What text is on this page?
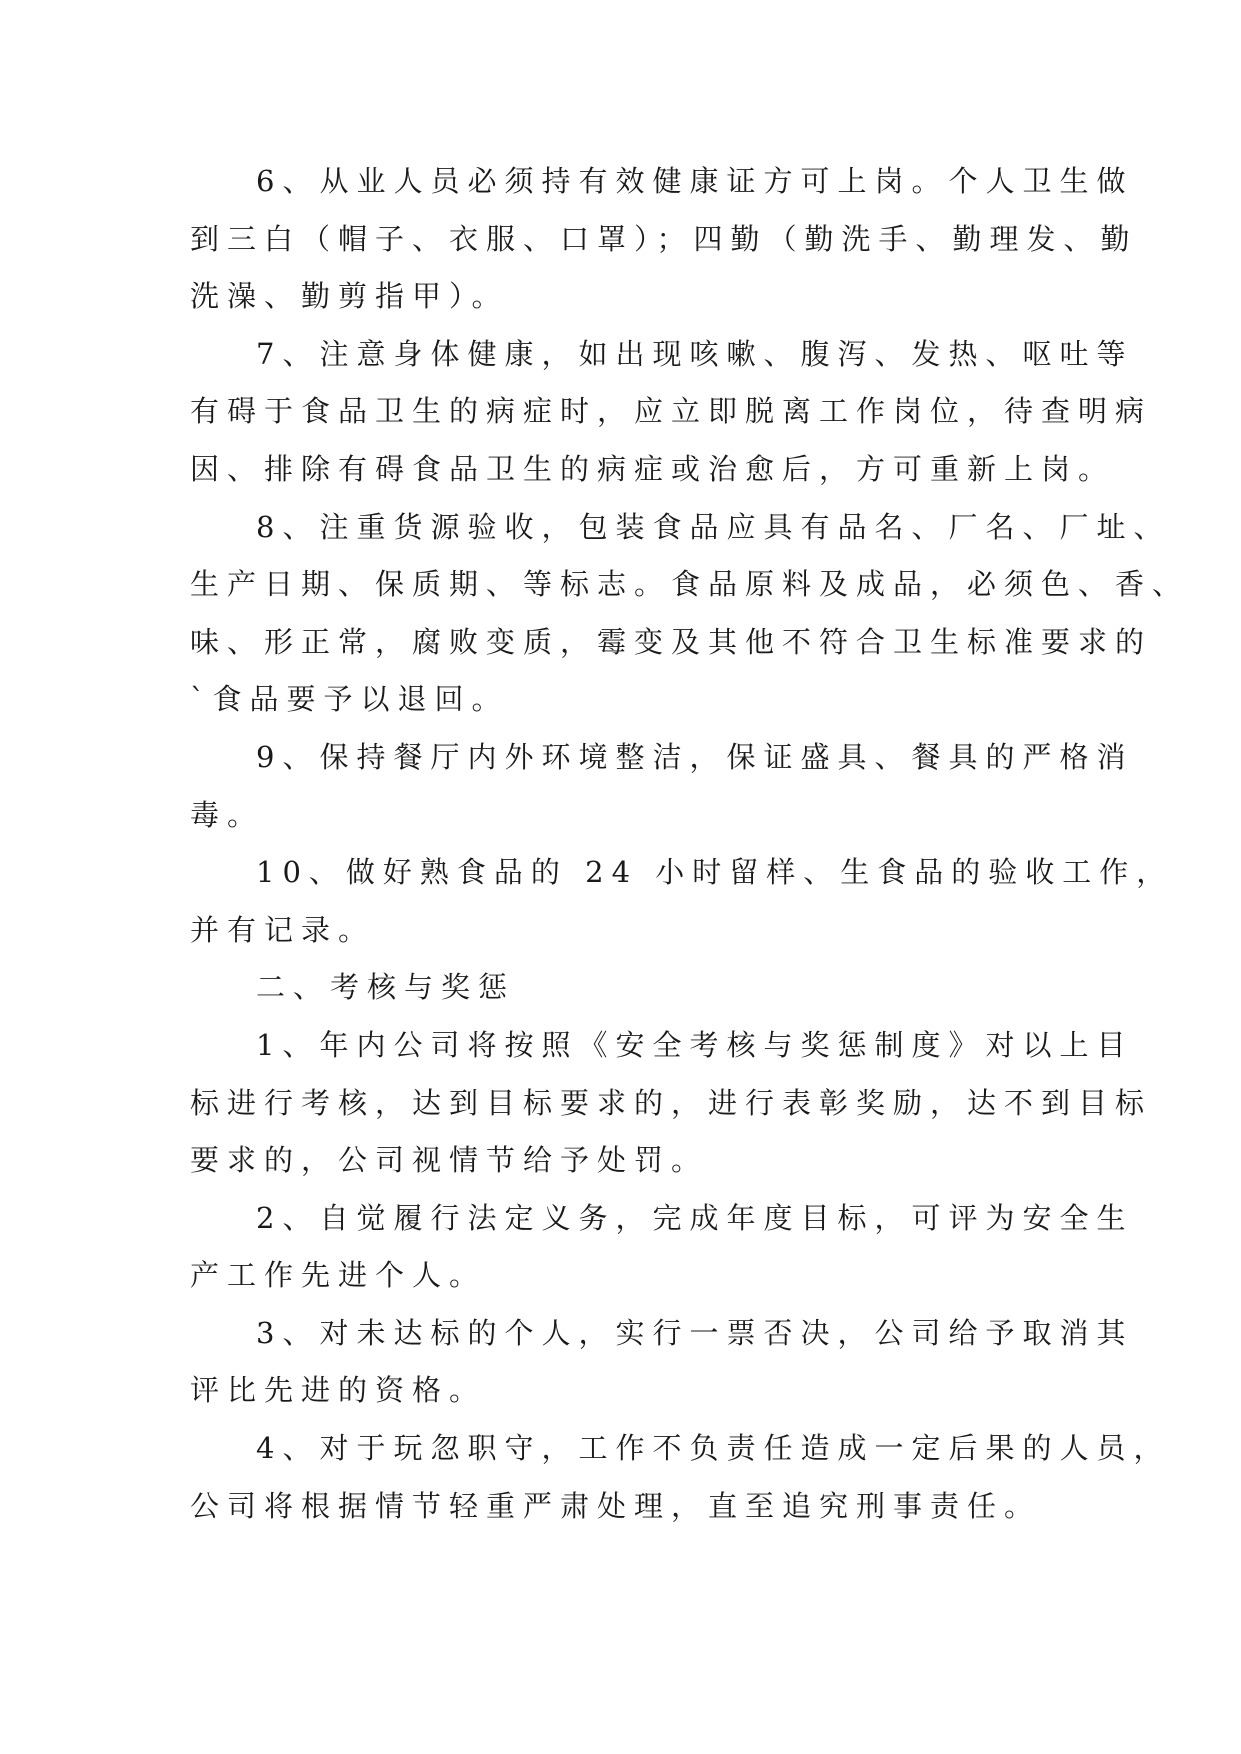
6、从业人员必须持有效健康证方可上岗。个人卫生做
到三白（帽子、衣服、口罩）；四勤（勤洗手、勤理发、勤
洗澡、勤剪指甲）。
7、注意身体健康，如出现咳嗽、腹泻、发热、呕吐等
有碍于食品卫生的病症时，应立即脱离工作岗位，待查明病
因、排除有碍食品卫生的病症或治愈后，方可重新上岗。
8、注重货源验收，包装食品应具有品名、厂名、厂址、
生产日期、保质期、等标志。食品原料及成品，必须色、香、
味、形正常，腐败变质，霉变及其他不符合卫生标准要求的
`食品要予以退回。
9、保持餐厅内外环境整洁，保证盛具、餐具的严格消
毒。
10、做好熟食品的 24 小时留样、生食品的验收工作，
并有记录。
二、考核与奖惩
1、年内公司将按照《安全考核与奖惩制度》对以上目
标进行考核，达到目标要求的，进行表彰奖励，达不到目标
要求的，公司视情节给予处罚。
2、自觉履行法定义务，完成年度目标，可评为安全生
产工作先进个人。
3、对未达标的个人，实行一票否决，公司给予取消其
评比先进的资格。
4、对于玩忽职守，工作不负责任造成一定后果的人员，
公司将根据情节轻重严肃处理，直至追究刑事责任。
